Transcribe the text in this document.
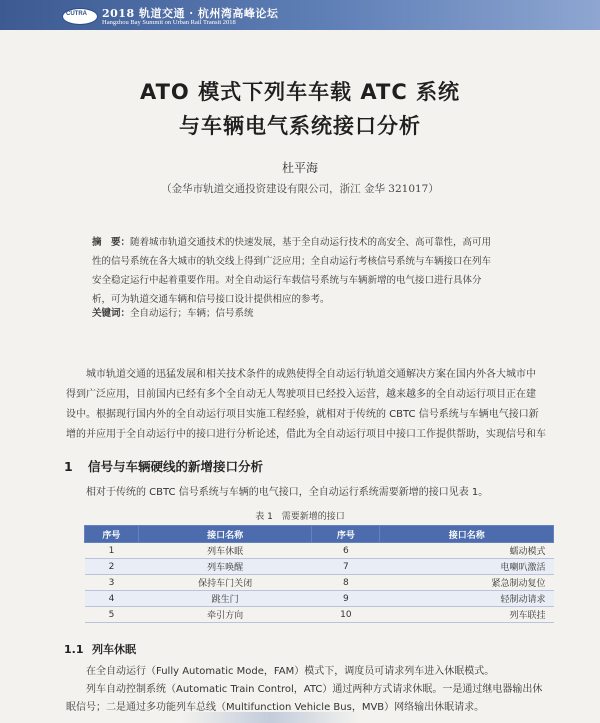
CUTRA 2018 轨道交通 · 杭州湾高峰论坛
Hangzhou Bay Summit on Urban Rail Transit 2018
ATO 模式下列车车载 ATC 系统
与车辆电气系统接口分析
杜平海
（金华市轨道交通投资建设有限公司，浙江 金华 321017）
摘　要：随着城市轨道交通技术的快速发展，基于全自动运行技术的高安全、高可靠性，高可用
性的信号系统在各大城市的轨交线上得到广泛应用；全自动运行考核信号系统与车辆接口在列车
安全稳定运行中起着重要作用。对全自动运行车载信号系统与车辆新增的电气接口进行具体分
析，可为轨道交通车辆和信号接口设计提供相应的参考。
关键词：全自动运行；车辆；信号系统
城市轨道交通的迅猛发展和相关技术条件的成熟使得全自动运行轨道交通解决方案在国内外各大城市中
得到广泛应用，目前国内已经有多个全自动无人驾驶项目已经投入运营，越来越多的全自动运行项目正在建
设中。根据现行国内外的全自动运行项目实施工程经验，就相对于传统的 CBTC 信号系统与车辆电气接口新
增的并应用于全自动运行中的接口进行分析论述，借此为全自动运行项目中接口工作提供帮助，实现信号和车
1 信号与车辆硬线的新增接口分析
相对于传统的 CBTC 信号系统与车辆的电气接口，全自动运行系统需要新增的接口见表 1。
表 1　需要新增的接口
序号	接口名称	序号	接口名称
1	列车休眠	6	蠕动模式
2	列车唤醒	7	电喇叭激活
3	保持车门关闭	8	紧急制动复位
4	跳生门	9	轻制动请求
5	牵引方向	10	列车联挂
1.1 列车休眠
在全自动运行（Fully Automatic Mode，FAM）模式下，调度员可请求列车进入休眠模式。
列车自动控制系统（Automatic Train Control，ATC）通过两种方式请求休眠。一是通过继电器输出休
眠信号；二是通过多功能列车总线（Multifunction Vehicle Bus，MVB）网络输出休眠请求。
